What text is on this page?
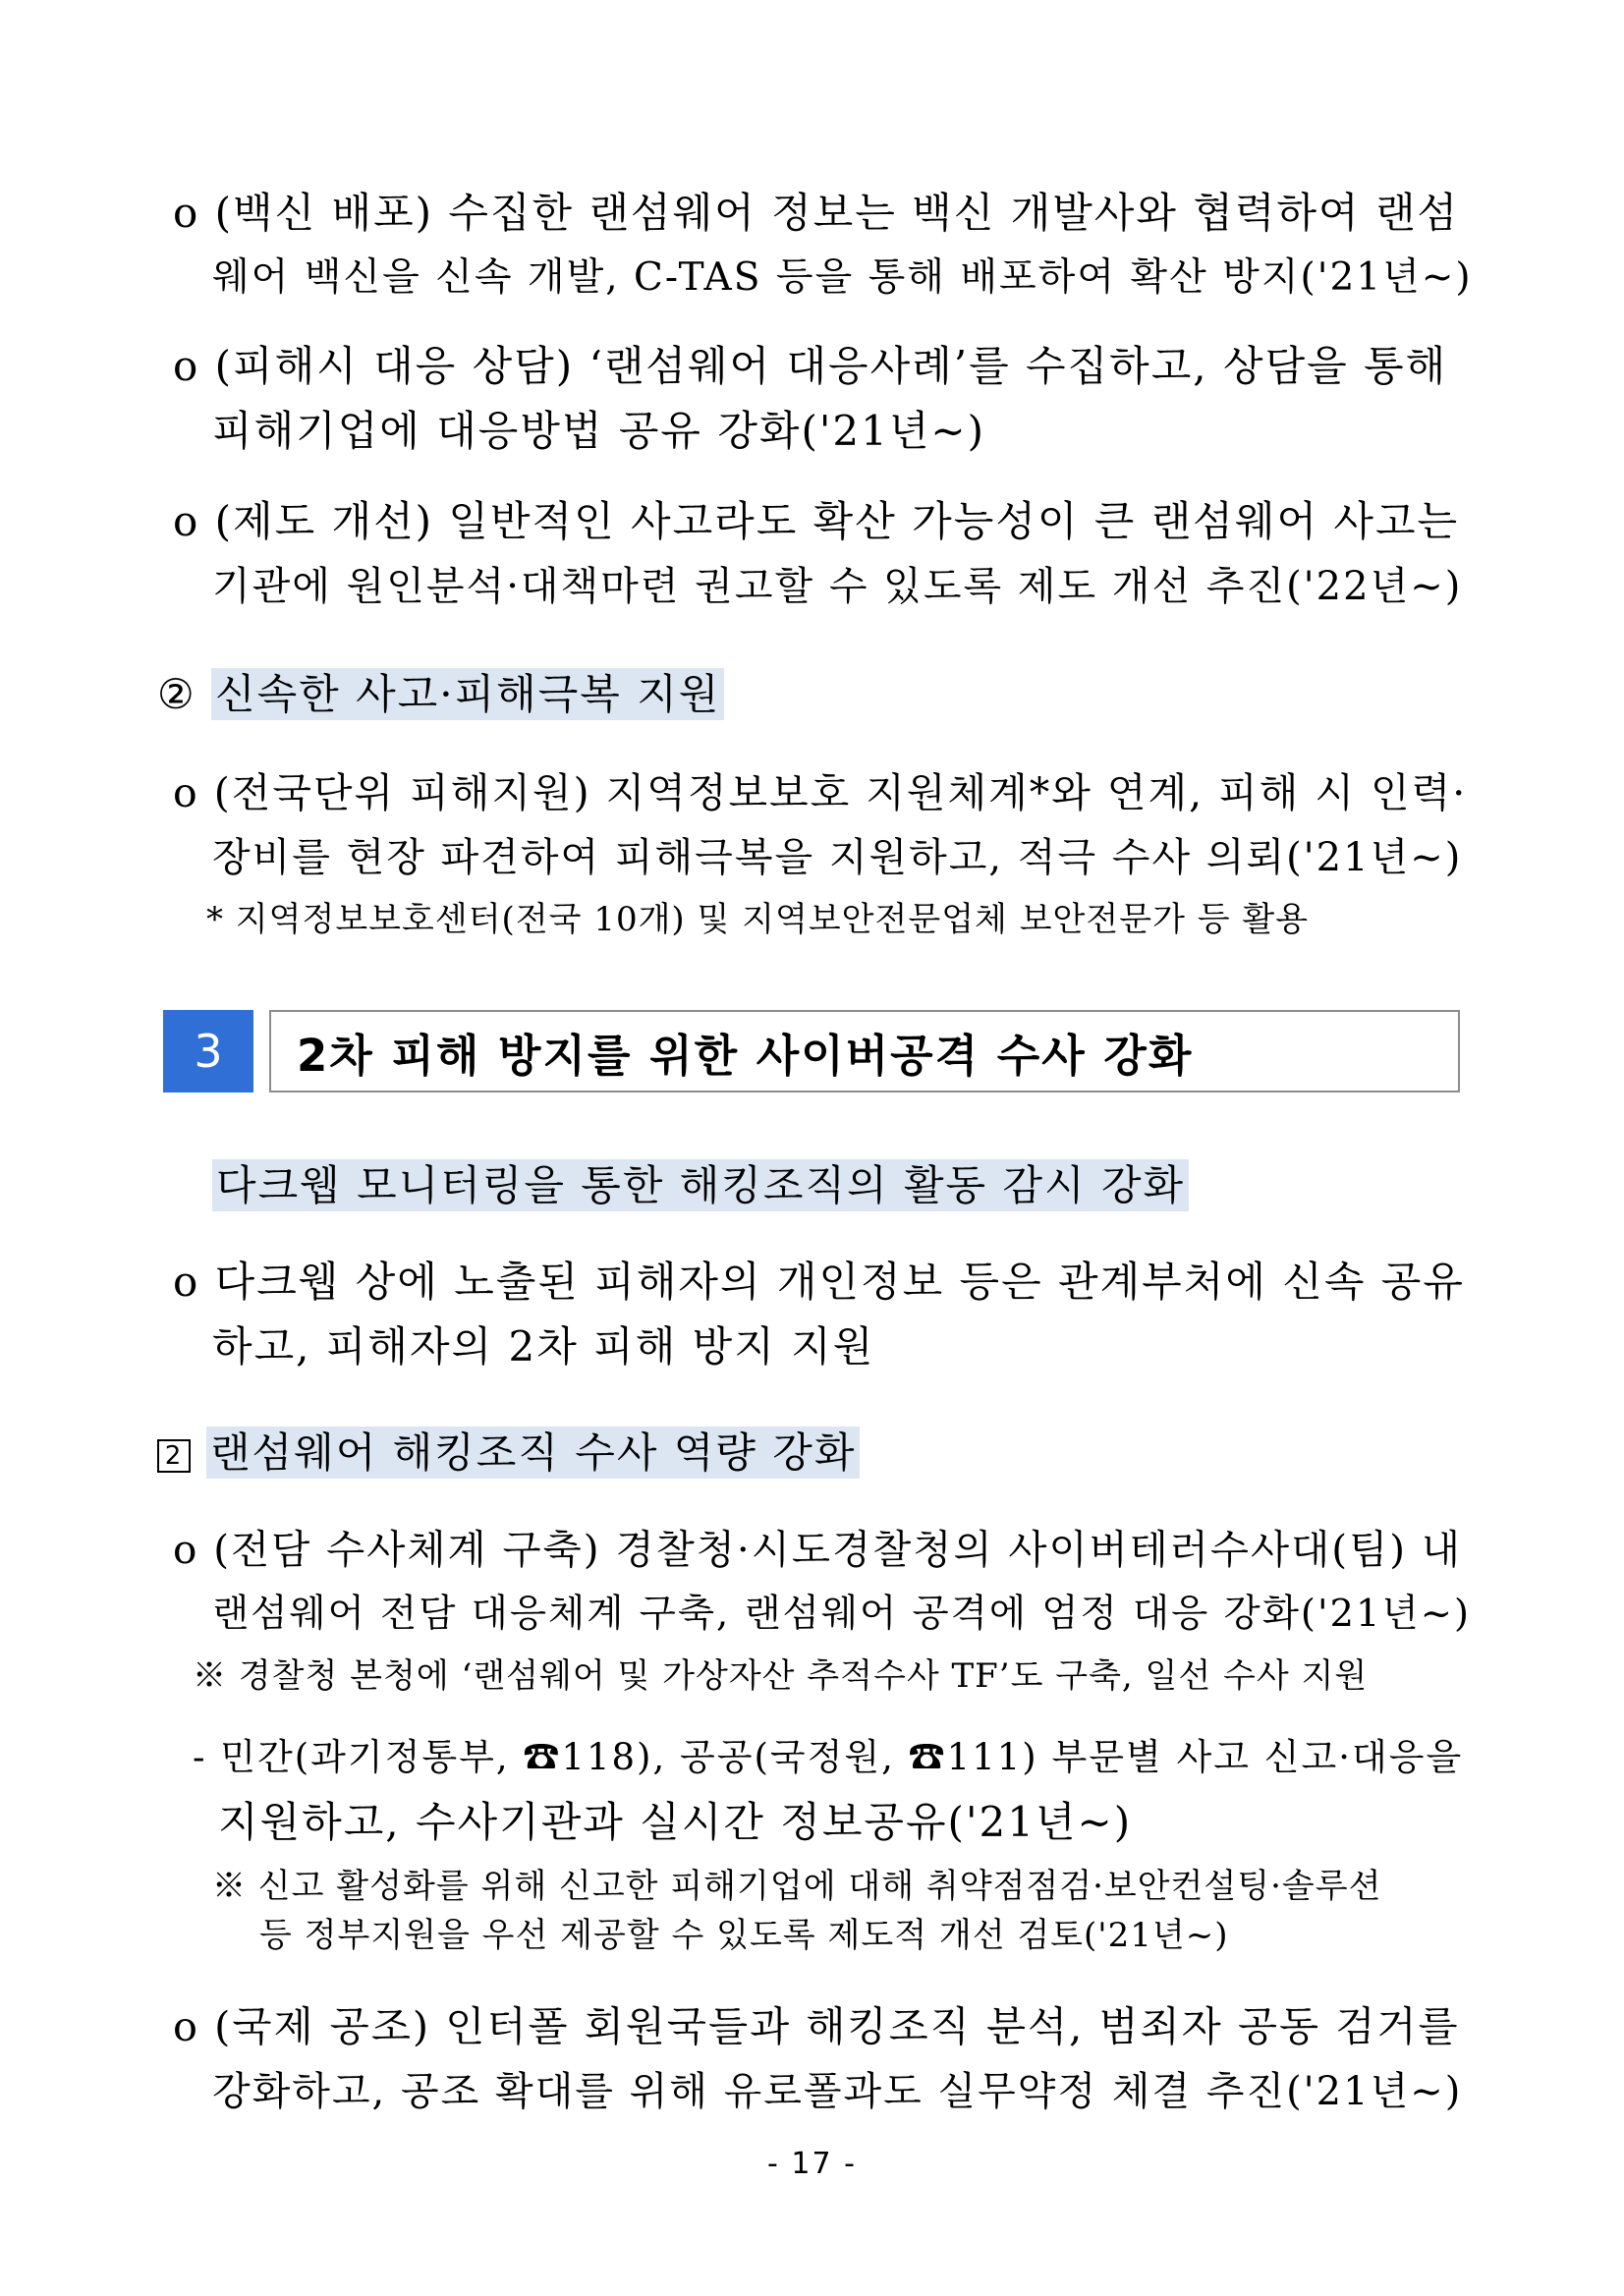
o (백신 배포) 수집한 랜섬웨어 정보는 백신 개발사와 협력하여 랜섬
웨어 백신을 신속 개발, C-TAS 등을 통해 배포하여 확산 방지('21년~)
o (피해시 대응 상담) ‘랜섬웨어 대응사례’를 수집하고, 상담을 통해
피해기업에 대응방법 공유 강화('21년~)
o (제도 개선) 일반적인 사고라도 확산 가능성이 큰 랜섬웨어 사고는
기관에 원인분석·대책마련 권고할 수 있도록 제도 개선 추진('22년~)
② 신속한 사고·피해극복 지원
o (전국단위 피해지원) 지역정보보호 지원체계*와 연계, 피해 시 인력·
장비를 현장 파견하여 피해극복을 지원하고, 적극 수사 의뢰('21년~)
* 지역정보보호센터(전국 10개) 및 지역보안전문업체 보안전문가 등 활용
3	2차 피해 방지를 위한 사이버공격 수사 강화
다크웹 모니터링을 통한 해킹조직의 활동 감시 강화
o 다크웹 상에 노출된 피해자의 개인정보 등은 관계부처에 신속 공유
하고, 피해자의 2차 피해 방지 지원
2 랜섬웨어 해킹조직 수사 역량 강화
o (전담 수사체계 구축) 경찰청·시도경찰청의 사이버테러수사대(팀) 내
랜섬웨어 전담 대응체계 구축, 랜섬웨어 공격에 엄정 대응 강화('21년~)
※ 경찰청 본청에 ‘랜섬웨어 및 가상자산 추적수사 TF’도 구축, 일선 수사 지원
- 민간(과기정통부, ☎118), 공공(국정원, ☎111) 부문별 사고 신고·대응을
지원하고, 수사기관과 실시간 정보공유('21년~)
※ 신고 활성화를 위해 신고한 피해기업에 대해 취약점점검·보안컨설팅·솔루션
등 정부지원을 우선 제공할 수 있도록 제도적 개선 검토('21년~)
o (국제 공조) 인터폴 회원국들과 해킹조직 분석, 범죄자 공동 검거를
강화하고, 공조 확대를 위해 유로폴과도 실무약정 체결 추진('21년~)
- 17 -
